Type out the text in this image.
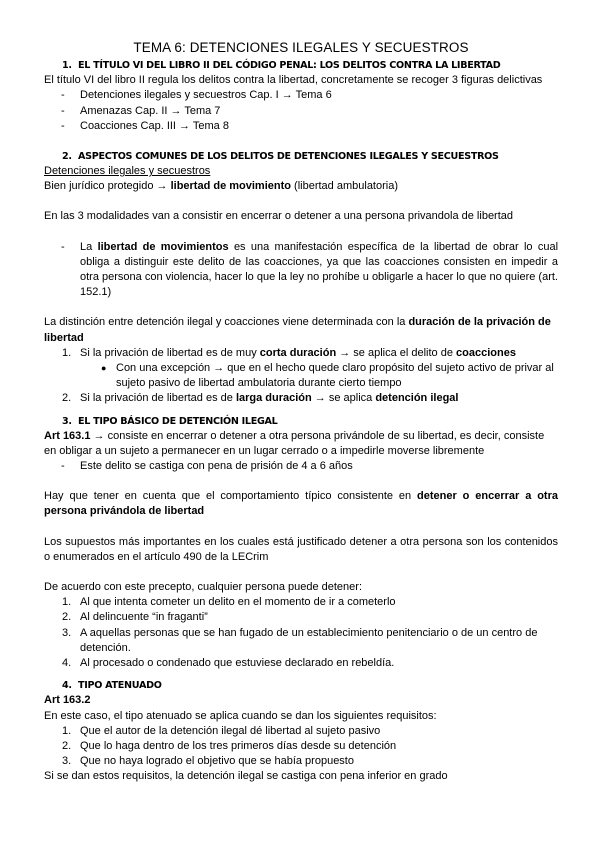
TEMA 6: DETENCIONES ILEGALES Y SECUESTROS

1. EL TÍTULO VI DEL LIBRO II DEL CÓDIGO PENAL: LOS DELITOS CONTRA LA LIBERTAD

El título VI del libro II regula los delitos contra la libertad, concretamente se recoger 3 figuras delictivas

- Detenciones ilegales y secuestros Cap. I → Tema 6
- Amenazas Cap. II → Tema 7
- Coacciones Cap. III → Tema 8

2. ASPECTOS COMUNES DE LOS DELITOS DE DETENCIONES ILEGALES Y SECUESTROS

Detenciones ilegales y secuestros

Bien jurídico protegido → libertad de movimiento (libertad ambulatoria)

En las 3 modalidades van a consistir en encerrar o detener a una persona privandola de libertad

- La libertad de movimientos es una manifestación específica de la libertad de obrar lo cual obliga a distinguir este delito de las coacciones, ya que las coacciones consisten en impedir a otra persona con violencia, hacer lo que la ley no prohíbe u obligarle a hacer lo que no quiere (art. 152.1)

La distinción entre detención ilegal y coacciones viene determinada con la duración de la privación de libertad

1. Si la privación de libertad es de muy corta duración → se aplica el delito de coacciones
● Con una excepción → que en el hecho quede claro propósito del sujeto activo de privar al sujeto pasivo de libertad ambulatoria durante cierto tiempo
2. Si la privación de libertad es de larga duración → se aplica detención ilegal

3. EL TIPO BÁSICO DE DETENCIÓN ILEGAL

Art 163.1 → consiste en encerrar o detener a otra persona privándole de su libertad, es decir, consiste en obligar a un sujeto a permanecer en un lugar cerrado o a impedirle moverse libremente

- Este delito se castiga con pena de prisión de 4 a 6 años

Hay que tener en cuenta que el comportamiento típico consistente en detener o encerrar a otra persona privándola de libertad

Los supuestos más importantes en los cuales está justificado detener a otra persona son los contenidos o enumerados en el artículo 490 de la LECrim

De acuerdo con este precepto, cualquier persona puede detener:

1. Al que intenta cometer un delito en el momento de ir a cometerlo
2. Al delincuente “in fraganti”
3. A aquellas personas que se han fugado de un establecimiento penitenciario o de un centro de detención.
4. Al procesado o condenado que estuviese declarado en rebeldía.

4. TIPO ATENUADO

Art 163.2

En este caso, el tipo atenuado se aplica cuando se dan los siguientes requisitos:

1. Que el autor de la detención ilegal dé libertad al sujeto pasivo
2. Que lo haga dentro de los tres primeros días desde su detención
3. Que no haya logrado el objetivo que se había propuesto

Si se dan estos requisitos, la detención ilegal se castiga con pena inferior en grado
